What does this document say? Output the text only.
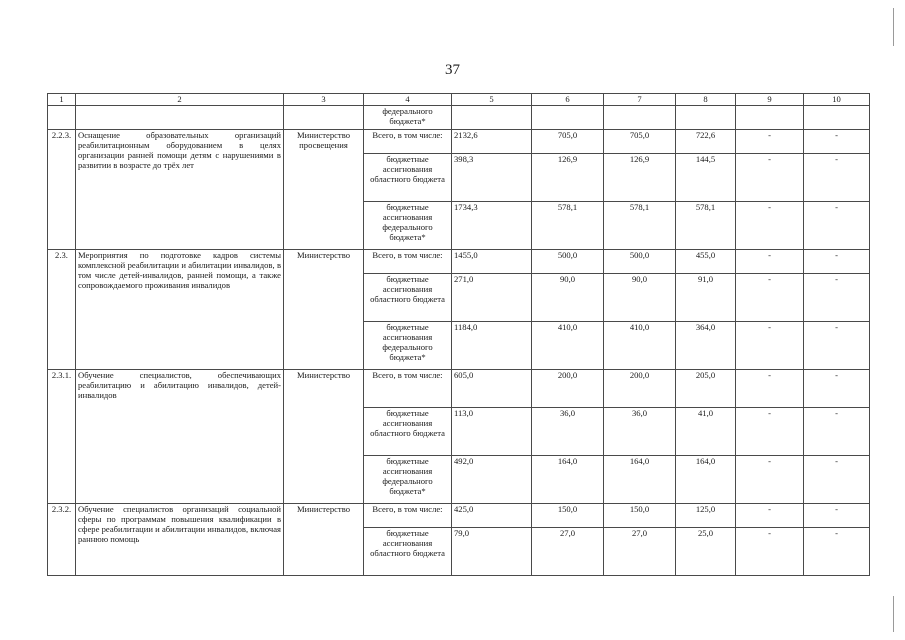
37
1	2	3	4	5	6	7	8	9	10
			федерального бюджета*						
2.2.3.	Оснащение образовательных организаций реабилитационным оборудованием в целях организации ранней помощи детям с нарушениями в развитии в возрасте до трёх лет	Министерство просвещения	Всего, в том числе:	2132,6	705,0	705,0	722,6	-	-
			бюджетные ассигнования областного бюджета	398,3	126,9	126,9	144,5	-	-
			бюджетные ассигнования федерального бюджета*	1734,3	578,1	578,1	578,1	-	-
2.3.	Мероприятия по подготовке кадров системы комплексной реабилитации и абилитации инвалидов, в том числе детей-инвалидов, ранней помощи, а также сопровождаемого проживания инвалидов	Министерство	Всего, в том числе:	1455,0	500,0	500,0	455,0	-	-
			бюджетные ассигнования областного бюджета	271,0	90,0	90,0	91,0	-	-
			бюджетные ассигнования федерального бюджета*	1184,0	410,0	410,0	364,0	-	-
2.3.1.	Обучение специалистов, обеспечивающих реабилитацию и абилитацию инвалидов, детей-инвалидов	Министерство	Всего, в том числе:	605,0	200,0	200,0	205,0	-	-
			бюджетные ассигнования областного бюджета	113,0	36,0	36,0	41,0	-	-
			бюджетные ассигнования федерального бюджета*	492,0	164,0	164,0	164,0	-	-
2.3.2.	Обучение специалистов организаций социальной сферы по программам повышения квалификации в сфере реабилитации и абилитации инвалидов, включая раннюю помощь	Министерство	Всего, в том числе:	425,0	150,0	150,0	125,0	-	-
			бюджетные ассигнования областного бюджета	79,0	27,0	27,0	25,0	-	-
